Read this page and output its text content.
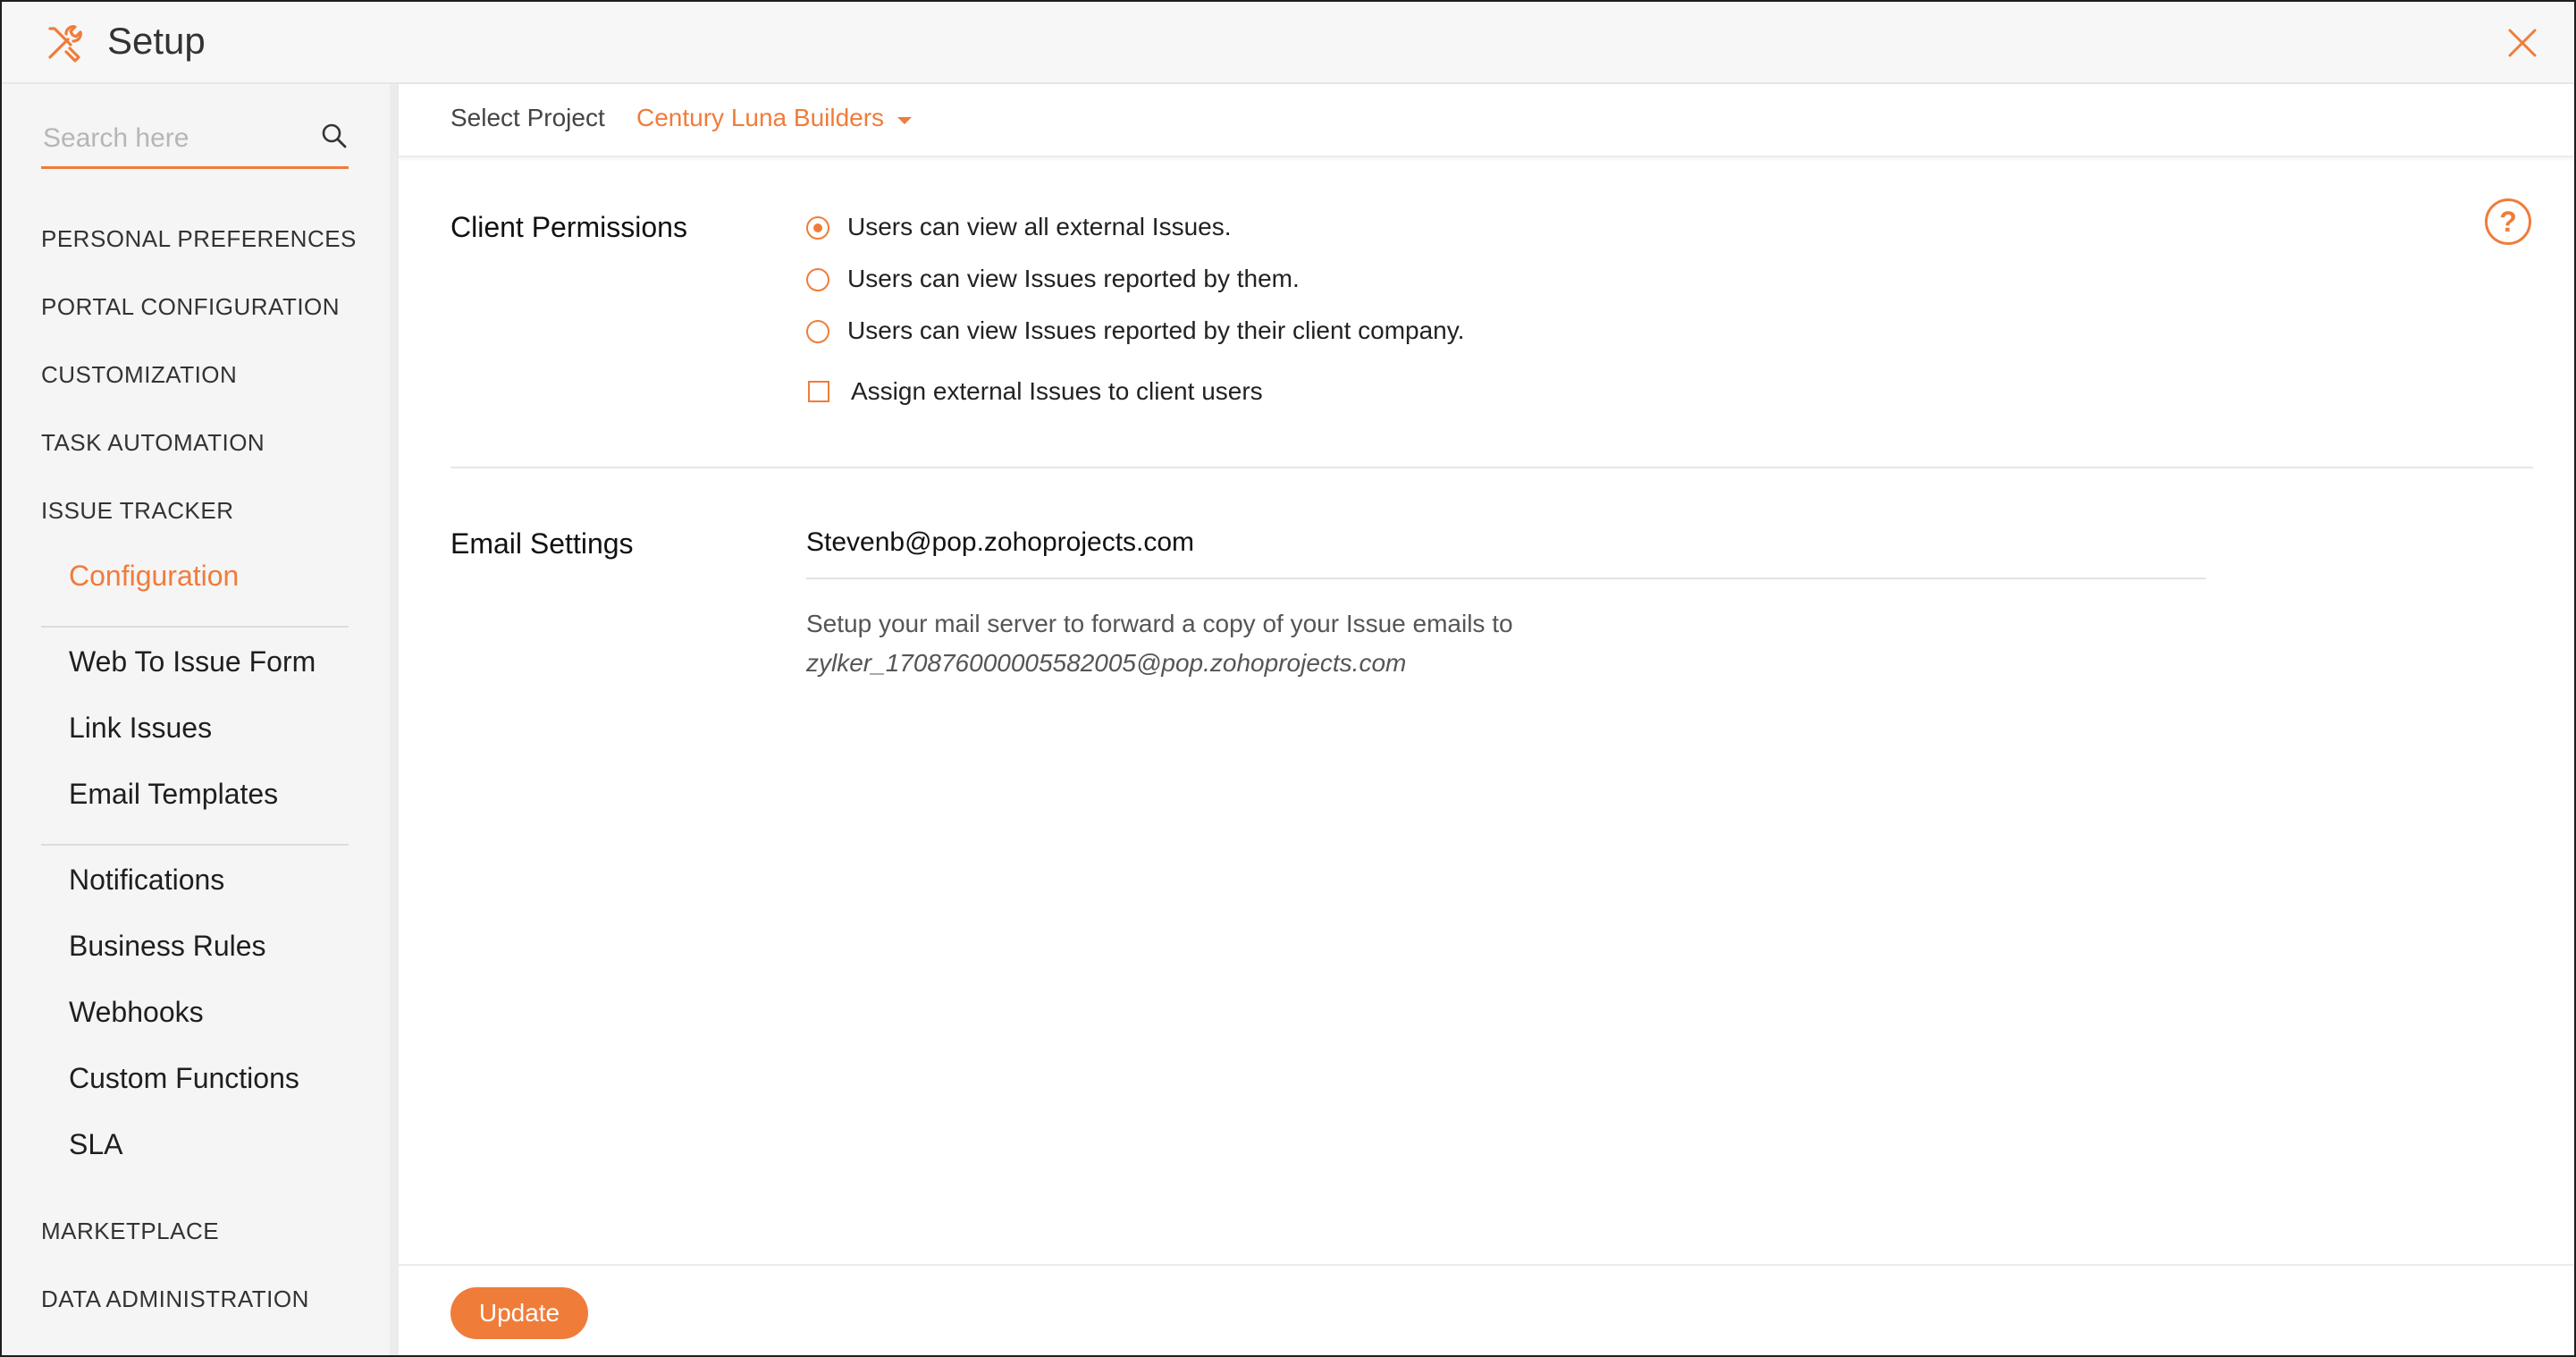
Setup
Search here
PERSONAL PREFERENCES
PORTAL CONFIGURATION
CUSTOMIZATION
TASK AUTOMATION
ISSUE TRACKER
Configuration
Web To Issue Form
Link Issues
Email Templates
Notifications
Business Rules
Webhooks
Custom Functions
SLA
MARKETPLACE
DATA ADMINISTRATION
Select Project Century Luna Builders
?
Client Permissions	Users can view all external Issues.
Users can view Issues reported by them.
Users can view Issues reported by their client company.
Assign external Issues to client users
Email Settings	Stevenb@pop.zohoprojects.com
Setup your mail server to forward a copy of your Issue emails to
zylker_170876000005582005@pop.zohoprojects.com
Update
